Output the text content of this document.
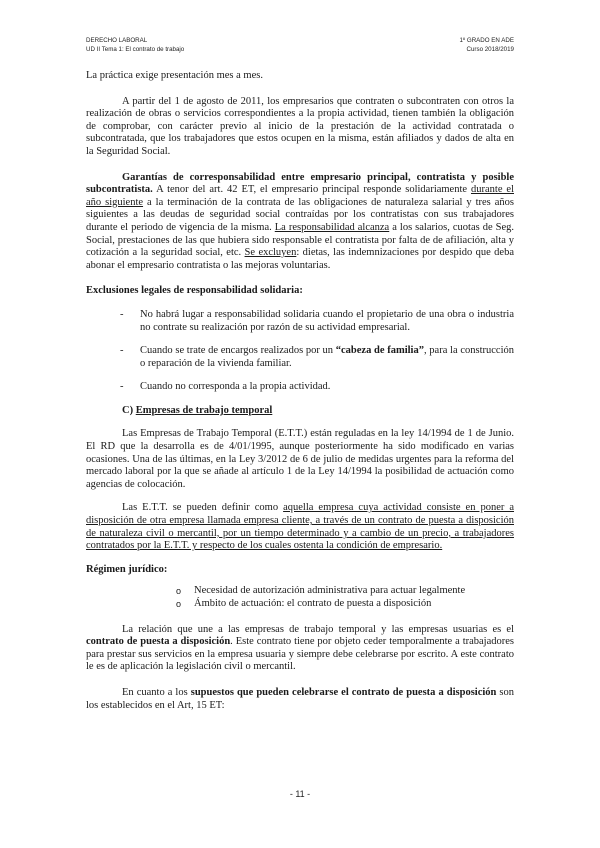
DERECHO LABORAL
UD II Tema 1: El contrato de trabajo
1º GRADO EN ADE
Curso 2018/2019

La práctica exige presentación mes a mes.

A partir del 1 de agosto de 2011, los empresarios que contraten o subcontraten con otros la realización de obras o servicios correspondientes a la propia actividad, tienen también la obligación de comprobar, con carácter previo al inicio de la prestación de la actividad contratada o subcontratada, que los trabajadores que estos ocupen en la misma, están afiliados y dados de alta en la Seguridad Social.

Garantías de corresponsabilidad entre empresario principal, contratista y posible subcontratista. A tenor del art. 42 ET, el empresario principal responde solidariamente durante el año siguiente a la terminación de la contrata de las obligaciones de naturaleza salarial y tres años siguientes a las deudas de seguridad social contraídas por los contratistas con sus trabajadores durante el periodo de vigencia de la misma. La responsabilidad alcanza a los salarios, cuotas de Seg. Social, prestaciones de las que hubiera sido responsable el contratista por falta de de afiliación, alta y cotización a la seguridad social, etc. Se excluyen: dietas, las indemnizaciones por despido que deba abonar el empresario contratista o las mejoras voluntarias.

Exclusiones legales de responsabilidad solidaria:

- No habrá lugar a responsabilidad solidaria cuando el propietario de una obra o industria no contrate su realización por razón de su actividad empresarial.
- Cuando se trate de encargos realizados por un “cabeza de familia”, para la construcción o reparación de la vivienda familiar.
- Cuando no corresponda a la propia actividad.

C) Empresas de trabajo temporal

Las Empresas de Trabajo Temporal (E.T.T.) están reguladas en la ley 14/1994 de 1 de Junio. El RD que la desarrolla es de 4/01/1995, aunque posteriormente ha sido modificado en varias ocasiones. Una de las últimas, en la Ley 3/2012 de 6 de julio de medidas urgentes para la reforma del mercado laboral por la que se añade al artículo 1 de la Ley 14/1994 la posibilidad de actuación como agencias de colocación.

Las E.T.T. se pueden definir como aquella empresa cuya actividad consiste en poner a disposición de otra empresa llamada empresa cliente, a través de un contrato de puesta a disposición de naturaleza civil o mercantil, por un tiempo determinado y a cambio de un precio, a trabajadores contratados por la E.T.T. y respecto de los cuales ostenta la condición de empresario.

Régimen jurídico:

o Necesidad de autorización administrativa para actuar legalmente
o Ámbito de actuación: el contrato de puesta a disposición

La relación que une a las empresas de trabajo temporal y las empresas usuarias es el contrato de puesta a disposición. Este contrato tiene por objeto ceder temporalmente a trabajadores para prestar sus servicios en la empresa usuaria y siempre debe celebrarse por escrito. A este contrato le es de aplicación la legislación civil o mercantil.

En cuanto a los supuestos que pueden celebrarse el contrato de puesta a disposición son los establecidos en el Art, 15 ET:

- 11 -
